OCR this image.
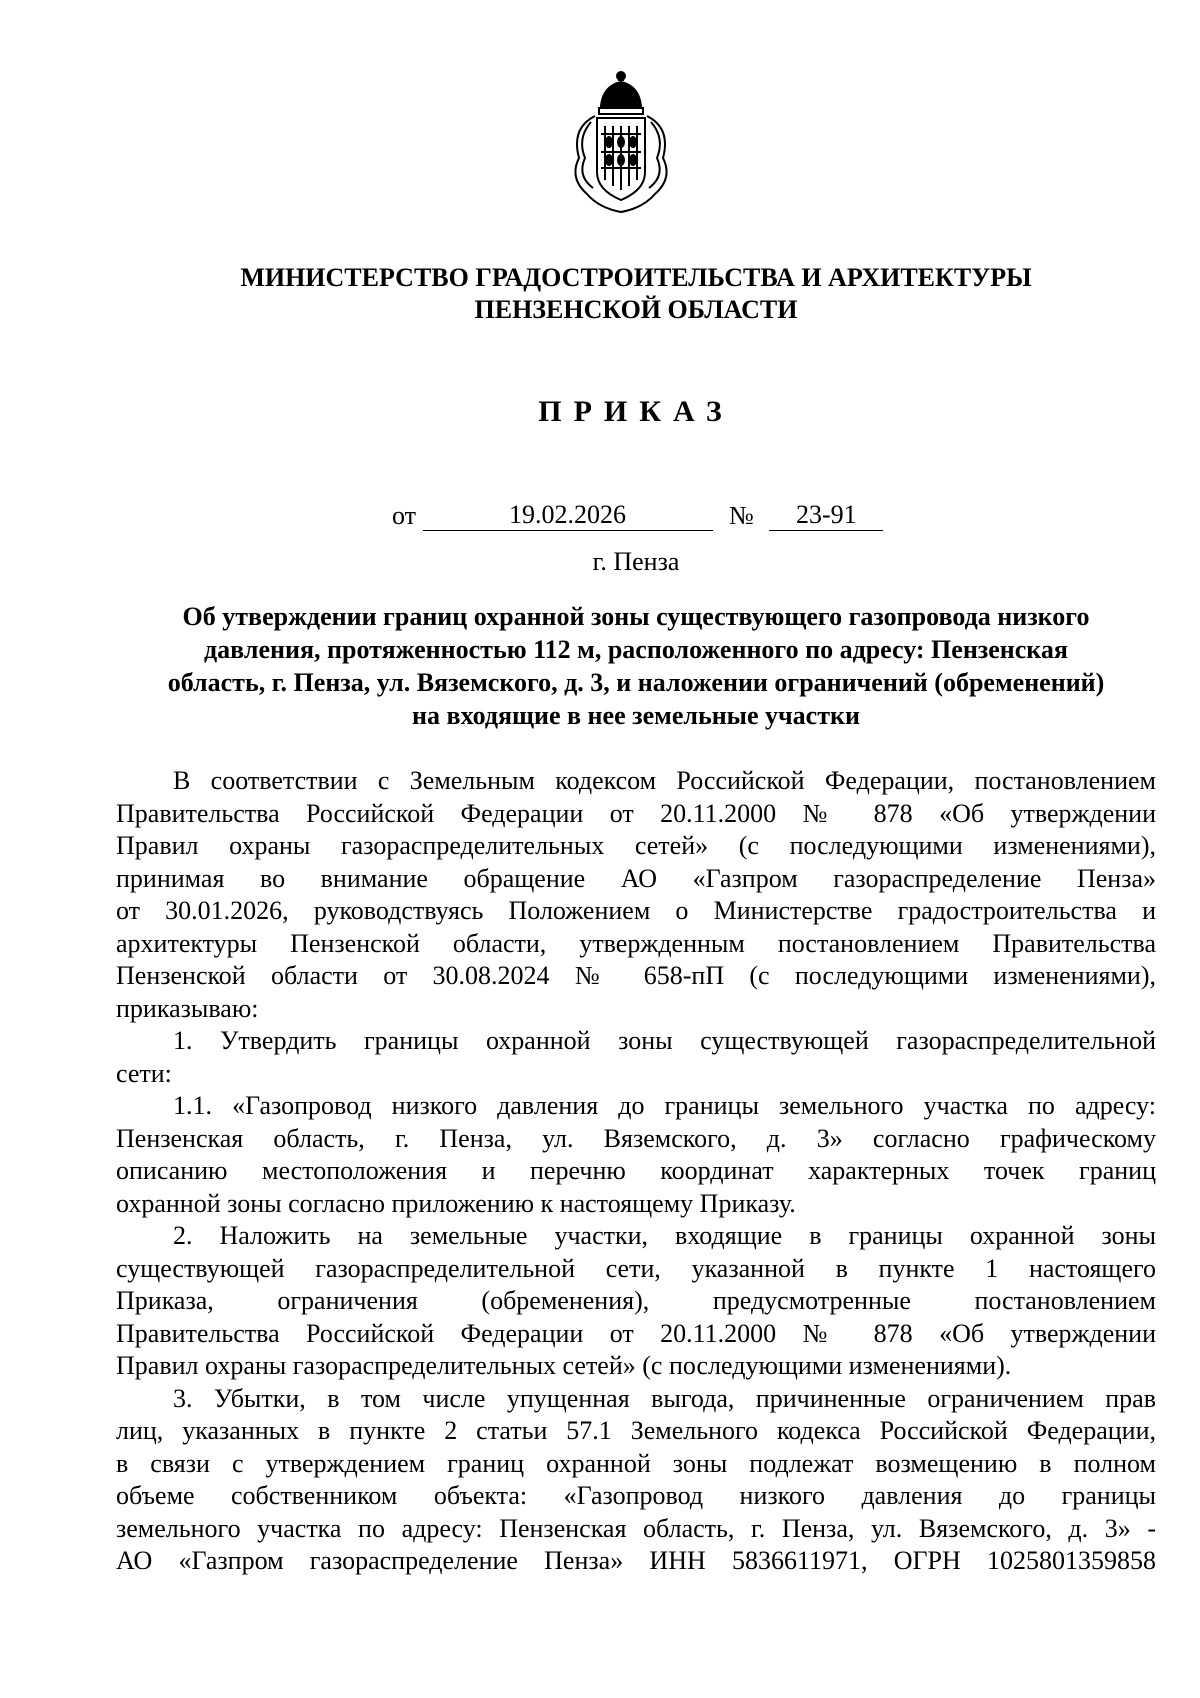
МИНИСТЕРСТВО ГРАДОСТРОИТЕЛЬСТВА И АРХИТЕКТУРЫ
ПЕНЗЕНСКОЙ ОБЛАСТИ
ПРИКАЗ
от	19.02.2026	№ 23-91
г. Пенза
Об утверждении границ охранной зоны существующего газопровода низкого
давления, протяженностью 112 м, расположенного по адресу: Пензенская
область, г. Пенза, ул. Вяземского, д. 3, и наложении ограничений (обременений)
на входящие в нее земельные участки
В соответствии с Земельным кодексом Российской Федерации, постановлением
Правительства Российской Федерации от 20.11.2000 № 878 «Об утверждении
Правил охраны газораспределительных сетей» (с последующими изменениями),
принимая во внимание обращение АО «Газпром газораспределение Пенза»
от 30.01.2026, руководствуясь Положением о Министерстве градостроительства и
архитектуры Пензенской области, утвержденным постановлением Правительства
Пензенской области от 30.08.2024 № 658-пП (с последующими изменениями),
приказываю:
1. Утвердить границы охранной зоны существующей газораспределительной
сети:
1.1. «Газопровод низкого давления до границы земельного участка по адресу:
Пензенская область, г. Пенза, ул. Вяземского, д. 3» согласно графическому
описанию местоположения и перечню координат характерных точек границ
охранной зоны согласно приложению к настоящему Приказу.
2. Наложить на земельные участки, входящие в границы охранной зоны
существующей газораспределительной сети, указанной в пункте 1 настоящего
Приказа, ограничения (обременения), предусмотренные постановлением
Правительства Российской Федерации от 20.11.2000 № 878 «Об утверждении
Правил охраны газораспределительных сетей» (с последующими изменениями).
3. Убытки, в том числе упущенная выгода, причиненные ограничением прав
лиц, указанных в пункте 2 статьи 57.1 Земельного кодекса Российской Федерации,
в связи с утверждением границ охранной зоны подлежат возмещению в полном
объеме собственником объекта: «Газопровод низкого давления до границы
земельного участка по адресу: Пензенская область, г. Пенза, ул. Вяземского, д. 3» -
АО «Газпром газораспределение Пенза» ИНН 5836611971, ОГРН 1025801359858
